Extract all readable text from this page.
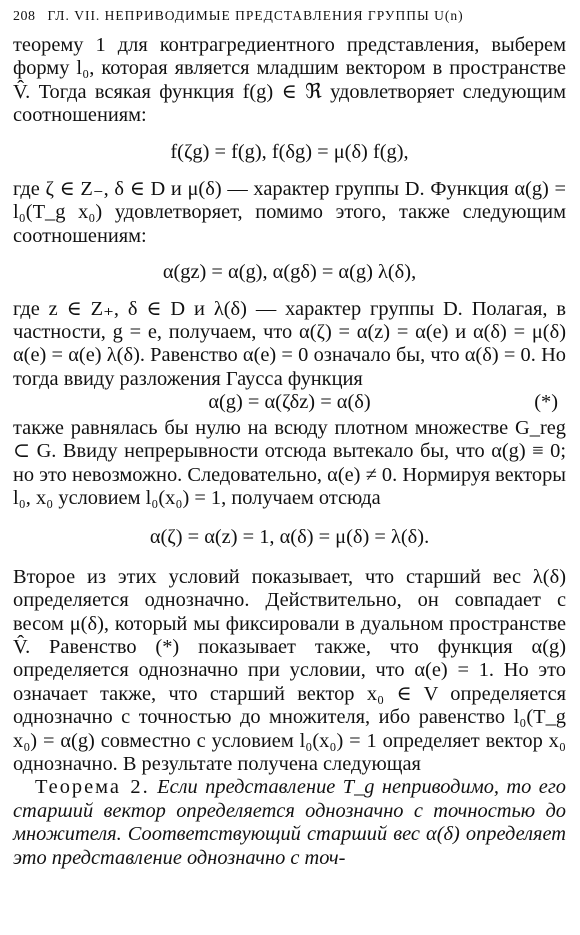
208 ГЛ. VII. НЕПРИВОДИМЫЕ ПРЕДСТАВЛЕНИЯ ГРУППЫ U(n)

теорему 1 для контрагредиентного представления, выберем форму l₀, которая является младшим вектором в пространстве V̂. Тогда всякая функция f(g) ∈ ℜ удовлетворяет следующим соотношениям:

f(ζg) = f(g), f(δg) = μ(δ) f(g),

где ζ ∈ Z₋, δ ∈ D и μ(δ) — характер группы D. Функция α(g) = l₀(T_g x₀) удовлетворяет, помимо этого, также следующим соотношениям:

α(gz) = α(g), α(gδ) = α(g) λ(δ),

где z ∈ Z₊, δ ∈ D и λ(δ) — характер группы D. Полагая, в частности, g = e, получаем, что α(ζ) = α(z) = α(e) и α(δ) = μ(δ) α(e) = α(e) λ(δ). Равенство α(e) = 0 означало бы, что α(δ) = 0. Но тогда ввиду разложения Гаусса функция

α(g) = α(ζδz) = α(δ)	(*)

также равнялась бы нулю на всюду плотном множестве G_reg ⊂ G. Ввиду непрерывности отсюда вытекало бы, что α(g) ≡ 0; но это невозможно. Следовательно, α(e) ≠ 0. Нормируя векторы l₀, x₀ условием l₀(x₀) = 1, получаем отсюда

α(ζ) = α(z) = 1, α(δ) = μ(δ) = λ(δ).

Второе из этих условий показывает, что старший вес λ(δ) определяется однозначно. Действительно, он совпадает с весом μ(δ), который мы фиксировали в дуальном пространстве V̂. Равенство (*) показывает также, что функция α(g) определяется однозначно при условии, что α(e) = 1. Но это означает также, что старший вектор x₀ ∈ V определяется однозначно с точностью до множителя, ибо равенство l₀(T_g x₀) = α(g) совместно с условием l₀(x₀) = 1 определяет вектор x₀ однозначно. В результате получена следующая

Теорема 2. Если представление T_g неприводимо, то его старший вектор определяется однозначно с точностью до множителя. Соответствующий старший вес α(δ) определяет это представление однозначно с точ-
